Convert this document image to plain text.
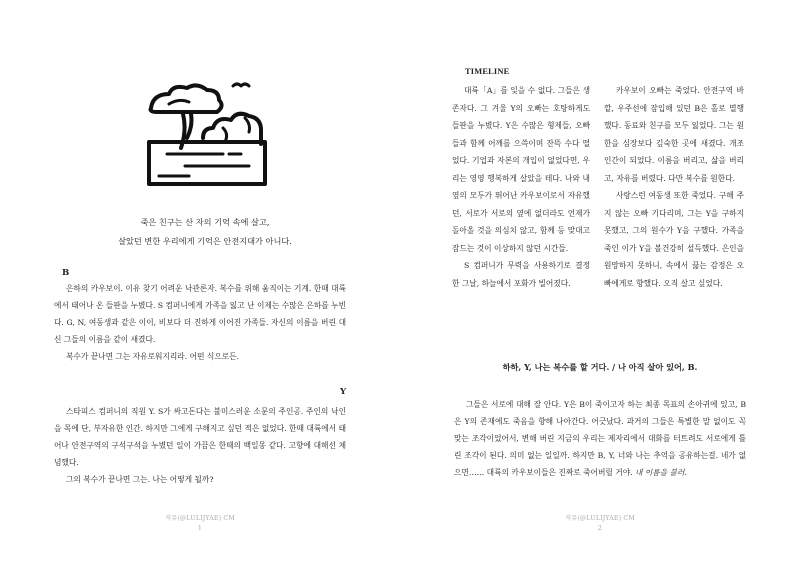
죽은 친구는 산 자의 기억 속에 살고,
살았던 변한 우리에게 기억은 안전지대가 아니다.
B
은하의 카우보이. 이유 찾기 어려운 낙관론자. 복수를 위해 움직이는 기계. 한때 대륙에서 태어나 온 들판을 누볐다. S 컴퍼니에게 가족을 잃고 난 이제는 수많은 은하를 누빈다. G, N, 여동생과 같은 이이, 비보다 더 진하게 이어진 가족들. 자신의 이름을 버린 대신 그들의 이름을 같이 새겼다.
복수가 끝나면 그는 자유로워지리라. 어떤 식으로든.
Y
스타피스 컴퍼니의 직원 Y. S가 싸고돈다는 불미스러운 소문의 주인공. 주인의 낙인을 목에 단, 부자유한 인간. 하지만 그에게 구해지고 싶던 적은 없었다. 한때 대륙에서 태어나 안전구역의 구석구석을 누볐던 일이 가끔은 한때의 백일몽 같다. 고향에 대해선 체념했다.
그의 복수가 끝나면 그는. 나는 어떻게 될까?
적뮤(@LULIJYAE) CM
1
TIMELINE

대륙「A」를 잊을 수 없다. 그들은 생존자다. 그 겨울 Y의 오빠는 호탕하게도 들판을 누볐다. Y은 수많은 형제들, 오빠들과 함께 어깨를 으쓱이며 잔뜩 수다 떨었다. 기업과 자본의 개입이 없었다면, 우리는 영영 행복하게 살았을 테다. 나와 내 옆의 모두가 뛰어난 카우보이로서 자유했던, 서로가 서로의 옆에 없더라도 언제가 돌아올 것을 의심치 않고, 함께 등 맞대고 잠드는 것이 이상하지 않던 시간들.

S 컴퍼니가 무력을 사용하기로 결정한 그날, 하늘에서 포화가 빌어졌다.

카우보이 오빠는 죽었다. 안전구역 바깥, 우주선에 잠입해 있던 B은 홀로 멸행했다. 동료와 친구를 모두 잃었다. 그는 원한을 심장보다 깊숙한 곳에 새겼다. 개조 인간이 되었다. 이름을 버리고, 삶을 버리고, 자유를 버렸다. 다만 복수를 원한다.

사랑스런 여동생 또한 죽었다. 구해 주지 않는 오빠 기다리며, 그는 Y을 구하지 못했고, 그의 원수가 Y을 구했다. 가족을 죽인 이가 Y을 볼건강히 설득했다. 은인을 원망하지 못하니, 속에서 끓는 감정은 오빠에게로 향했다. 오직 살고 싶었다.

하하, Y, 나는 복수를 할 거다. / 나 아직 살아 있어, B.
그들은 서로에 대해 잘 안다. Y은 B이 죽이고자 하는 최종 목표의 손아귀에 있고, B은 Y의 존재에도 죽음을 향해 나아간다. 어긋났다. 과거의 그들은 특별한 말 없이도 꼭 맞는 조각이었어서, 변해 버린 지금의 우리는 제자리에서 대화를 터트려도 서로에게 틀린 조각이 된다. 의미 없는 일일까. 하지만 B, Y, 너와 나는 추억을 공유하는걸. 네가 없으면…… 대륙의 카우보이들은 진짜로 죽어버릴 거야. 내 이름을 불러.
적뮤(@LULIJYAE) CM
2
